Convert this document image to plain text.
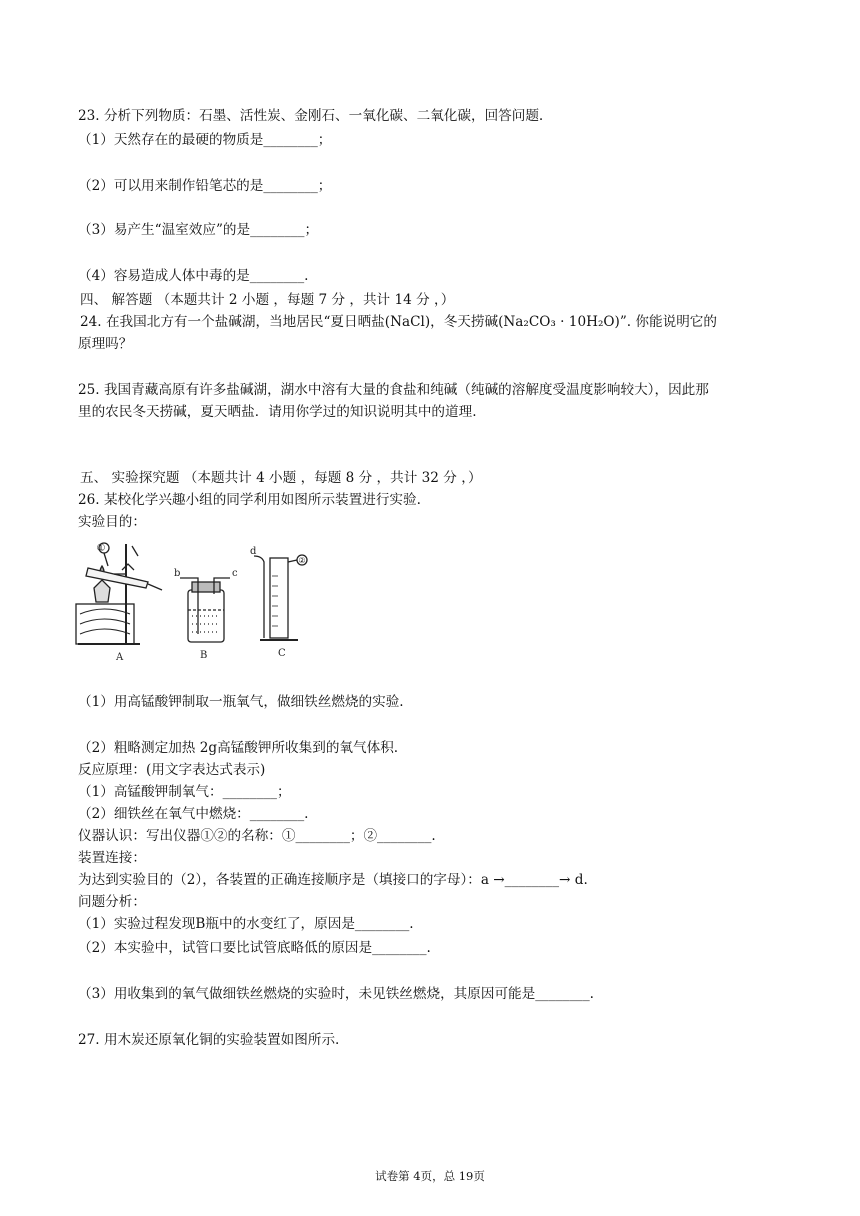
23. 分析下列物质：石墨、活性炭、金刚石、一氧化碳、二氧化碳，回答问题.
（1）天然存在的最硬的物质是________；
（2）可以用来制作铅笔芯的是________；
（3）易产生“温室效应”的是________；
（4）容易造成人体中毒的是________.
四、 解答题 （本题共计 2 小题 ，每题 7 分 ，共计 14 分 ，）
24. 在我国北方有一个盐碱湖，当地居民“夏日晒盐(NaCl)，冬天捞碱(Na₂CO₃ · 10H₂O)”. 你能说明它的
原理吗？
25. 我国青藏高原有许多盐碱湖，湖水中溶有大量的食盐和纯碱（纯碱的溶解度受温度影响较大），因此那
里的农民冬天捞碱，夏天晒盐．请用你学过的知识说明其中的道理.
五、 实验探究题 （本题共计 4 小题 ，每题 8 分 ，共计 32 分 ，）
26. 某校化学兴趣小组的同学利用如图所示装置进行实验.
实验目的：
①
②
b	c
d
A	B	C
（1）用高锰酸钾制取一瓶氧气，做细铁丝燃烧的实验.
（2）粗略测定加热 2g高锰酸钾所收集到的氧气体积.
反应原理：(用文字表达式表示)
（1）高锰酸钾制氧气：________；
（2）细铁丝在氧气中燃烧：________.
仪器认识：写出仪器①②的名称：①________；②________.
装置连接：
为达到实验目的（2），各装置的正确连接顺序是（填接口的字母）：a →________→ d.
问题分析：
（1）实验过程发现B瓶中的水变红了，原因是________.
（2）本实验中，试管口要比试管底略低的原因是________.
（3）用收集到的氧气做细铁丝燃烧的实验时，未见铁丝燃烧，其原因可能是________.
27. 用木炭还原氧化铜的实验装置如图所示.
试卷第 4页，总 19页
